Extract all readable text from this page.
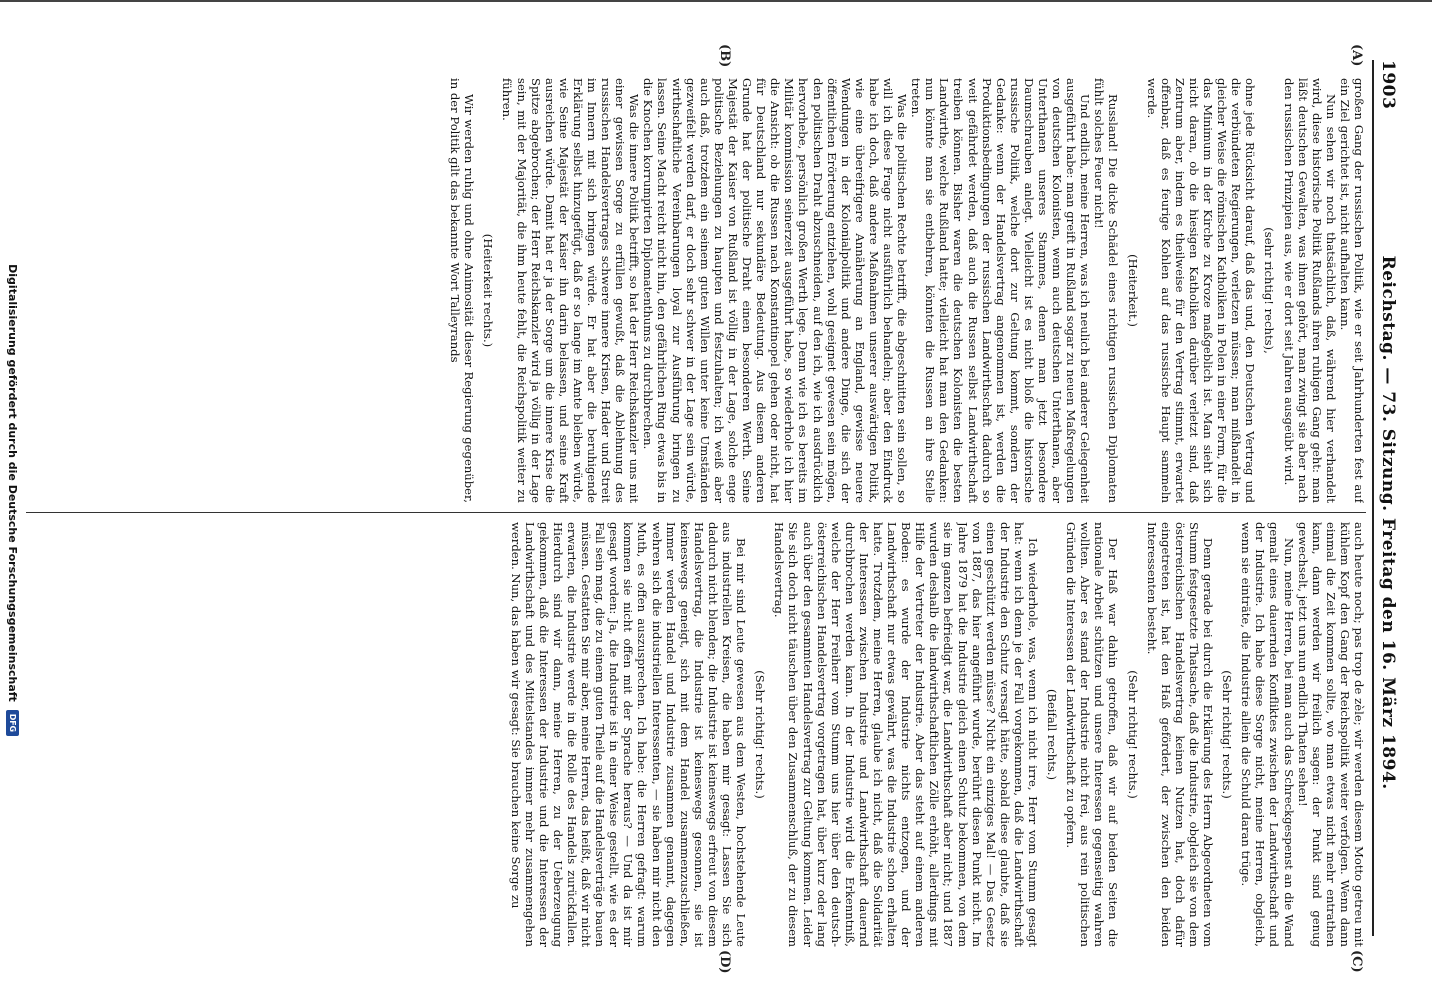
1903
Reichstag. — 73. Sitzung. Freitag den 16. März 1894.
(A)
(B)
(C)
(D)

großen Gang der russischen Politik, wie er seit Jahrhunderten fest auf ein Ziel gerichtet ist, nicht aufhalten kann.

Nun sehen wir noch thatsächlich, daß, während hier verhandelt wird, diese historische Politik Rußlands ihren ruhigen Gang geht: man läßt deutschen Gewalten, was ihnen gehört, man zwingt sie aber nach den russischen Prinzipien aus, wie er dort seit Jahren ausgeübt wird.

(sehr richtig! rechts),

ohne jede Rücksicht darauf, daß das und, den Deutschen Vertrag und die verbündeten Regierungen, verletzen müssen; man mißhandelt in gleicher Weise die römischen Katholiken in Polen in einer Form, für die das Minimum in der Kirche zu Kroze maßgeblich ist. Man sieht sich nicht daran, ob die hiesigen Katholiken darüber verletzt sind, daß Zentrum aber, indem es theilweise für den Vertrag stimmt, erwartet offenbar, daß es feurige Kohlen auf das russische Haupt sammeln werde.

(Heiterkeit.)

Russland! Die dicke Schädel eines richtigen russischen Diplomaten fühlt solches Feuer nicht!

Und endlich, meine Herren, was ich neulich bei anderer Gelegenheit ausgeführt habe: man greift in Rußland sogar zu neuen Maßregelungen von deutschen Kolonisten, wenn auch deutschen Unterthanen, aber Unterthanen unseres Stammes, denen man jetzt besondere Daumschrauben anlegt. Vielleicht ist es nicht bloß die historische russische Politik, welche dort zur Geltung kommt, sondern der Gedanke: wenn der Handelsvertrag angenommen ist, werden die Produktionsbedingungen der russischen Landwirthschaft dadurch so weit gefährdet werden, daß auch die Russen selbst Landwirthschaft treiben können. Bisher waren die deutschen Kolonisten die besten Landwirthe, welche Rußland hatte; vielleicht hat man den Gedanken: nun könnte man sie entbehren, könnten die Russen an ihre Stelle treten.

Was die politischen Rechte betrifft, die abgeschnitten sein sollen, so will ich diese Frage nicht ausführlich behandeln; aber den Eindruck habe ich doch, daß andere Maßnahmen unserer auswärtigen Politik, wie eine übereifrigere Annäherung an England, gewisse neuere Wendungen in der Kolonialpolitik und andere Dinge, die sich der öffentlichen Erörterung entziehen, wohl geeignet gewesen sein mögen, den politischen Draht abzuschneiden, auf den ich, wie ich ausdrücklich hervorhebe, persönlich großen Werth lege. Denn wie ich es bereits im Militär kommission seinerzeit ausgeführt habe, so wiederhole ich hier die Ansicht: ob die Russen nach Konstantinopel gehen oder nicht, hat für Deutschland nur sekundäre Bedeutung. Aus diesem anderen Grunde hat der politische Draht einen besonderen Werth. Seine Majestät der Kaiser von Rußland ist völlig in der Lage, solche enge politische Beziehungen zu haupten und festzuhalten; ich weiß aber auch daß, trotzdem ein seinem guten Willen unter keine Umständen gezweifelt werden darf, er doch sehr schwer in der Lage sein würde, wirthschaftliche Vereinbarungen loyal zur Ausführung bringen zu lassen. Seine Macht reicht nicht hin, den gefährlichen Ring etwas bis in die Knochen korrumpirten Diplomatenthums zu durchbrechen.

Was die innere Politik betrifft, so hat der Herr Reichskanzler uns mit einer gewissen Sorge zu erfüllen gewußt, daß die Ablehnung des russischen Handelsvertrages schwere innere Krisen, Hader und Streit im Innern mit sich bringen würde. Er hat aber die beruhigende Erklärung selbst hinzugefügt, daß er so lange im Amte bleiben würde, wie Seine Majestät der Kaiser ihn darin belassen, und seine Kraft ausreichen würde. Damit hat er ja der Sorge um die innere Krise die Spitze abgebrochen; der Herr Reichskanzler wird ja völlig in der Lage sein, mit der Majorität, die ihm heute fehlt, die Reichspolitik weiter zu führen.

(Heiterkeit rechts.)

Wir werden ruhig und ohne Animosität dieser Regierung gegenüber, in der Politik gilt das bekannte Wort Talleyrands

auch heute noch; pas trop de zèle; wir werden diesem Motto getreu mit kühlem Kopf den Gang der Reichspolitik weiter verfolgen. Wenn dann einmal die Zeit kommen sollte, wo man etwas nicht mehr entrathen kann, dann werden wir freilich sagen: der Punkt sind genug gewechselt, jetzt uns nun endlich Thaten sehen!

Nun, meine Herren, bei man auch das Schreckgespenst an die Wand gemalt eines dauernden Konfliktes zwischen der Landwirthschaft und der Industrie. Ich habe diese Sorge nicht, meine Herren, obgleich, wenn sie einträte, die Industrie allein die Schuld daran trüge.

(Sehr richtig! rechts.)

Denn gerade bei durch die Erklärung des Herrn Abgeordneten vom Stumm festgesetzte Thatsache, daß die Industrie, obgleich sie von dem österreichischen Handelsvertrag keinen Nutzen hat, doch dafür eingetreten ist, hat den Haß gefördert, der zwischen den beiden Interessenten besteht.

(Sehr richtig! rechts.)

Der Haß war dahin getroffen, daß wir auf beiden Seiten die nationale Arbeit schützen und unsere Interessen gegenseitig wahren wollten. Aber es stand der Industrie nicht frei, aus rein politischen Gründen die Interessen der Landwirthschaft zu opfern.

(Beifall rechts.)

Ich wiederhole, was, wenn ich nicht irre, Herr vom Stumm gesagt hat: wenn ich denn je der Fall vorgekommen, daß die Landwirthschaft der Industrie den Schutz versagt hätte, sobald diese glaubte, daß sie einen geschützt werden müsse? Nicht ein einziges Mal! — Das Gesetz von 1887, das hier angeführt wurde, berührt diesen Punkt nicht. Im Jahre 1879 hat die Industrie gleich einen Schutz bekommen, von dem sie im ganzen befriedigt war, die Landwirthschaft aber nicht; und 1887 wurden deshalb die landwirthschaftlichen Zölle erhöht, allerdings mit Hilfe der Vertreter der Industrie. Aber das steht auf einem anderen Boden: es wurde der Industrie nichts entzogen, und der Landwirthschaft nur etwas gewährt, was die Industrie schon erhalten hatte. Trotzdem, meine Herren, glaube ich nicht, daß die Solidarität der Interessen zwischen Industrie und Landwirthschaft dauernd durchbrochen werden kann. In der Industrie wird die Erkenntniß, welche der Herr Freiherr vom Stumm uns hier über den deutsch-österreichischen Handelsvertrag vorgetragen hat, über kurz oder lang auch über den gesammten Handelsvertrag zur Geltung kommen. Leider Sie sich doch nicht täuschen über den Zusammenschluß, der zu diesem Handelsvertrag.

(Sehr richtig! rechts.)

Bei mir sind Leute gewesen aus dem Westen, hochstehende Leute aus industriellen Kreisen, die haben mir gesagt: Lassen Sie sich dadurch nicht blenden; die Industrie ist keineswegs erfreut von diesem Handelsvertrag, die Industrie ist keineswegs gesonnen, sie ist keineswegs geneigt, sich mit dem Handel zusammenzuschließen, Immer werden Handel und Industrie zusammen genannt, dagegen wehren sich die industriellen Interessenten, — sie haben mir nicht den Muth, es offen auszusprechen. Ich habe: die Herren gefragt: warum kommen sie nicht offen mit der Sprache heraus? — Und da ist mir gesagt worden: Ja, die Industrie ist in einer Weise gestellt, wie es der Fall sein mag, die zu einem guten Theile auf die Handelsverträge bauen müssen. Gestatten Sie mir aber, meine Herren, das heißt, daß wir nicht erwarten, die Industrie werde in die Rolle des Handels zurückfallen. Hierdurch sind wir dann, meine Herren, zu der Ueberzeugung gekommen, daß die Interessen der Industrie und die Interessen der Landwirthschaft und des Mittelstandes immer mehr zusammengehen werden. Nun, das haben wir gesagt: Sie brauchen keine Sorge zu

Digitalisierung gefördert durch die Deutsche Forschungsgemeinschaft
DFG
